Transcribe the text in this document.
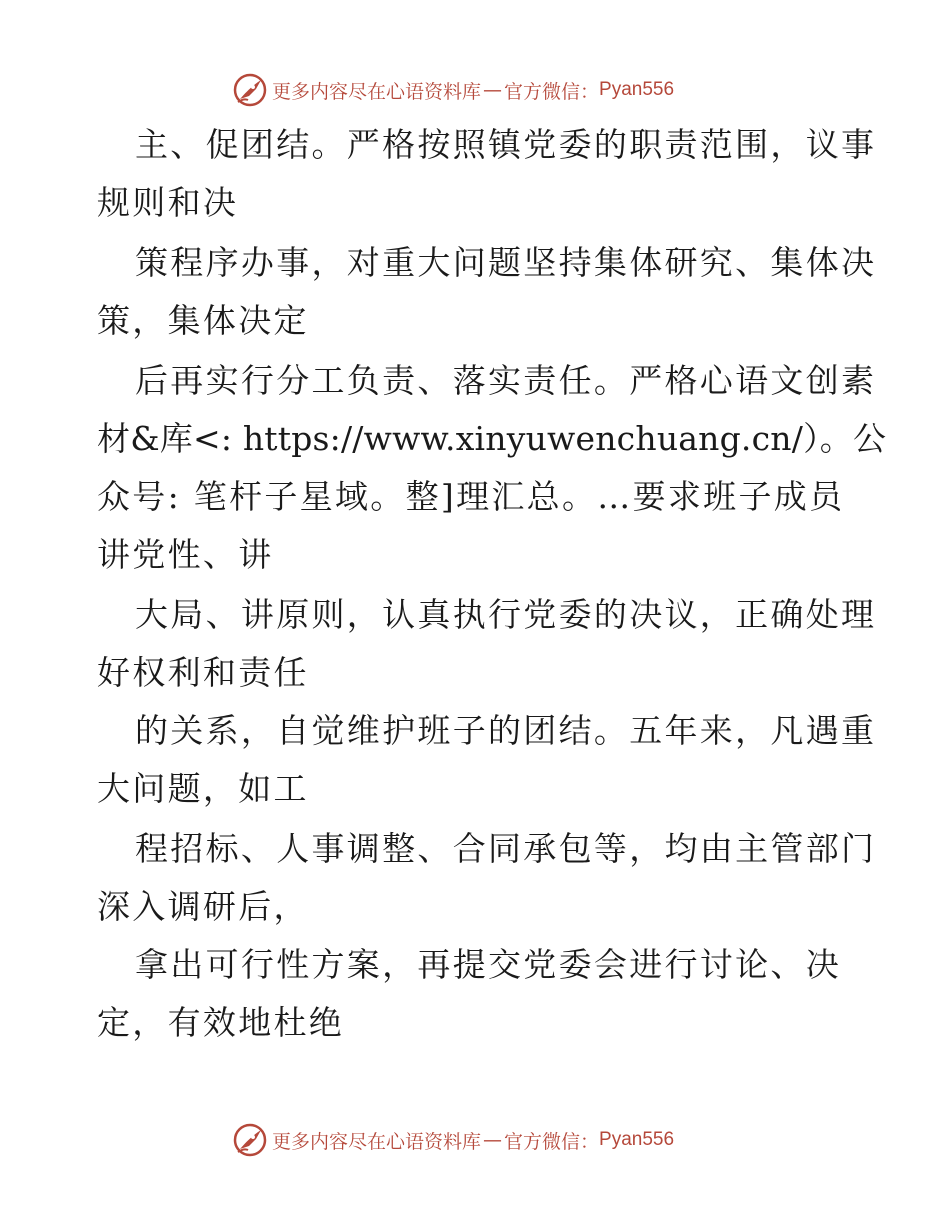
更多内容尽在心语资料库 — 官方微信： Pyan556
主、促团结。严格按照镇党委的职责范围，议事
规则和决
策程序办事，对重大问题坚持集体研究、集体决
策，集体决定
后再实行分工负责、落实责任。严格心语文创素
材&库<: https://www.xinyuwenchuang.cn/）。公
众号: 笔杆子星域。整]理汇总。…要求班子成员
讲党性、讲
大局、讲原则，认真执行党委的决议，正确处理
好权利和责任
的关系，自觉维护班子的团结。五年来，凡遇重
大问题，如工
程招标、人事调整、合同承包等，均由主管部门
深入调研后，
拿出可行性方案，再提交党委会进行讨论、决
定，有效地杜绝
更多内容尽在心语资料库 — 官方微信： Pyan556
